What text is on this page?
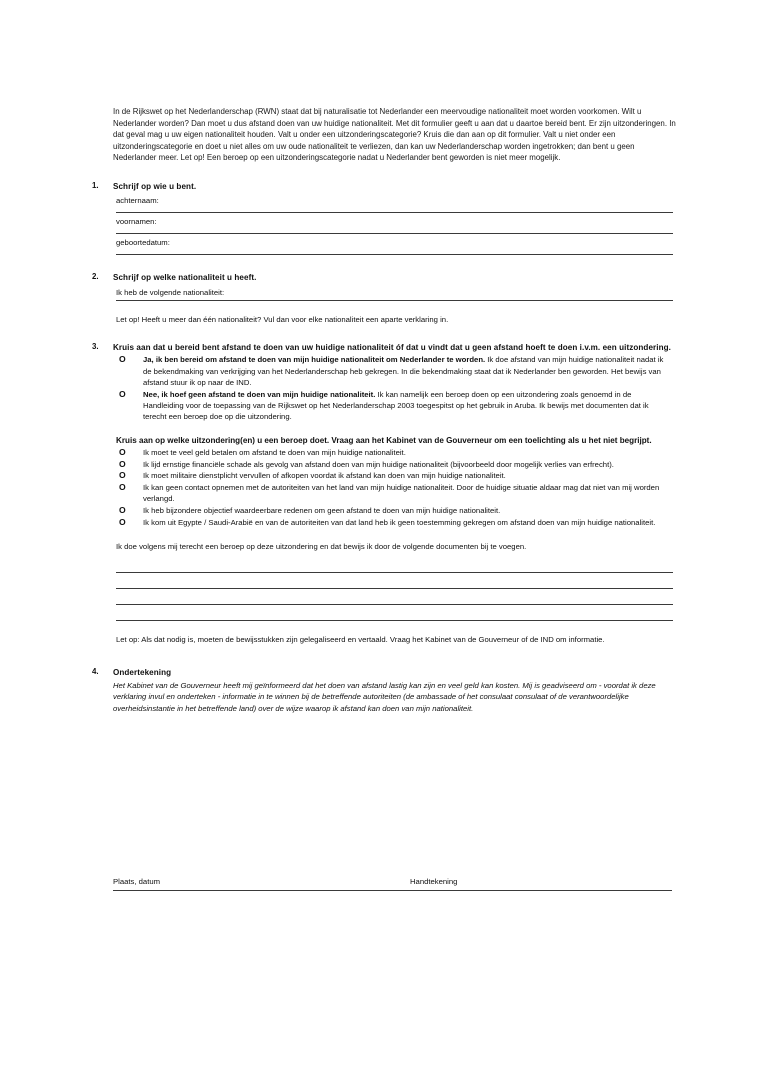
In de Rijkswet op het Nederlanderschap (RWN) staat dat bij naturalisatie tot Nederlander een meervoudige nationaliteit moet worden voorkomen. Wilt u Nederlander worden? Dan moet u dus afstand doen van uw huidige nationaliteit. Met dit formulier geeft u aan dat u daartoe bereid bent. Er zijn uitzonderingen. In dat geval mag u uw eigen nationaliteit houden. Valt u onder een uitzonderingscategorie? Kruis die dan aan op dit formulier. Valt u niet onder een uitzonderingscategorie en doet u niet alles om uw oude nationaliteit te verliezen, dan kan uw Nederlanderschap worden ingetrokken; dan bent u geen Nederlander meer. Let op! Een beroep op een uitzonderingscategorie nadat u Nederlander bent geworden is niet meer mogelijk.
1.	Schrijf op wie u bent.
achternaam:
voornamen:
geboortedatum:
2.	Schrijf op welke nationaliteit u heeft.
Ik heb de volgende nationaliteit:
Let op! Heeft u meer dan één nationaliteit? Vul dan voor elke nationaliteit een aparte verklaring in.
3.	Kruis aan dat u bereid bent afstand te doen van uw huidige nationaliteit óf dat u vindt dat u geen afstand hoeft te doen i.v.m. een uitzondering.
O Ja, ik ben bereid om afstand te doen van mijn huidige nationaliteit om Nederlander te worden. Ik doe afstand van mijn huidige nationaliteit nadat ik de bekendmaking van verkrijging van het Nederlanderschap heb gekregen. In die bekendmaking staat dat ik Nederlander ben geworden. Het bewijs van afstand stuur ik op naar de IND.
O Nee, ik hoef geen afstand te doen van mijn huidige nationaliteit. Ik kan namelijk een beroep doen op een uitzondering zoals genoemd in de Handleiding voor de toepassing van de Rijkswet op het Nederlanderschap 2003 toegespitst op het gebruik in Aruba. Ik bewijs met documenten dat ik terecht een beroep doe op die uitzondering.
Kruis aan op welke uitzondering(en) u een beroep doet. Vraag aan het Kabinet van de Gouverneur om een toelichting als u het niet begrijpt.
O Ik moet te veel geld betalen om afstand te doen van mijn huidige nationaliteit.
O Ik lijd ernstige financiële schade als gevolg van afstand doen van mijn huidige nationaliteit (bijvoorbeeld door mogelijk verlies van erfrecht).
O Ik moet militaire dienstplicht vervullen of afkopen voordat ik afstand kan doen van mijn huidige nationaliteit.
O Ik kan geen contact opnemen met de autoriteiten van het land van mijn huidige nationaliteit. Door de huidige situatie aldaar mag dat niet van mij worden verlangd.
O Ik heb bijzondere objectief waardeerbare redenen om geen afstand te doen van mijn huidige nationaliteit.
O Ik kom uit Egypte / Saudi-Arabië en van de autoriteiten van dat land heb ik geen toestemming gekregen om afstand doen van mijn huidige nationaliteit.
Ik doe volgens mij terecht een beroep op deze uitzondering en dat bewijs ik door de volgende documenten bij te voegen.
Let op: Als dat nodig is, moeten de bewijsstukken zijn gelegaliseerd en vertaald. Vraag het Kabinet van de Gouverneur of de IND om informatie.
4.	Ondertekening
Het Kabinet van de Gouverneur heeft mij geïnformeerd dat het doen van afstand lastig kan zijn en veel geld kan kosten. Mij is geadviseerd om - voordat ik deze verklaring invul en onderteken - informatie in te winnen bij de betreffende autoriteiten (de ambassade of het consulaat consulaat of de verantwoordelijke overheidsinstantie in het betreffende land) over de wijze waarop ik afstand kan doen van mijn nationaliteit.
Plaats, datum	Handtekening
